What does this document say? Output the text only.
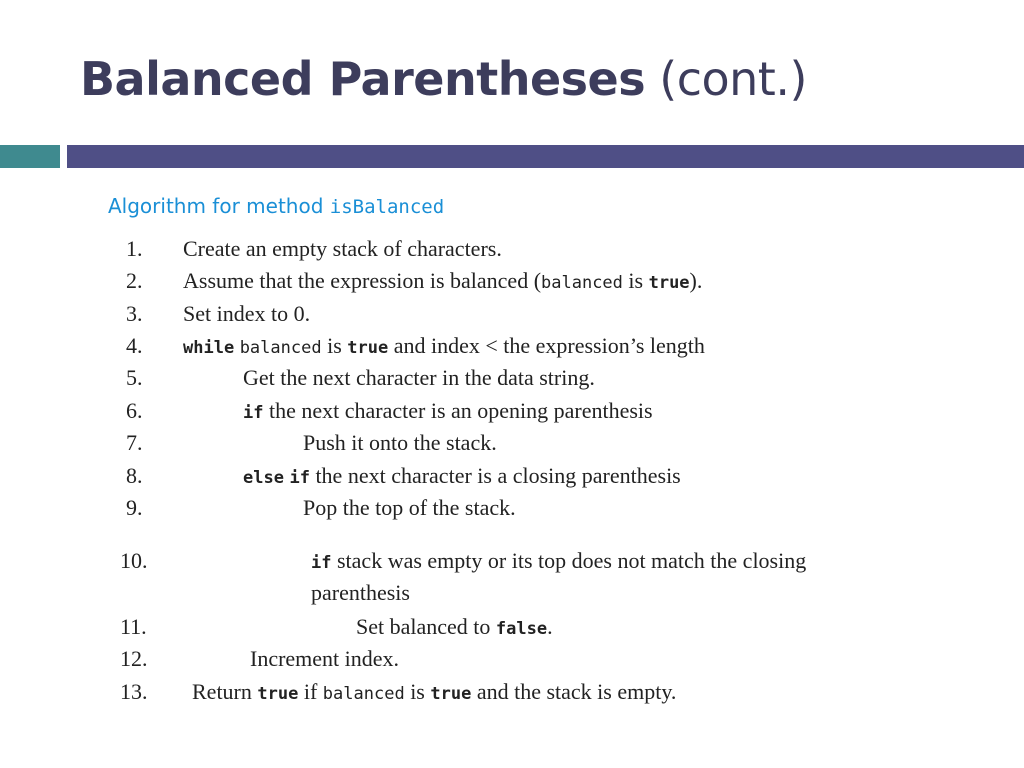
Balanced Parentheses (cont.)
Algorithm for method isBalanced
1. Create an empty stack of characters.
2. Assume that the expression is balanced (balanced is true).
3. Set index to 0.
4. while balanced is true and index < the expression’s length
5.	Get the next character in the data string.
6.	if the next character is an opening parenthesis
7.	Push it onto the stack.
8.	else if the next character is a closing parenthesis
9.	Pop the top of the stack.
10.	if stack was empty or its top does not match the closing
parenthesis
11.	Set balanced to false.
12.	Increment index.
13. Return true if balanced is true and the stack is empty.
